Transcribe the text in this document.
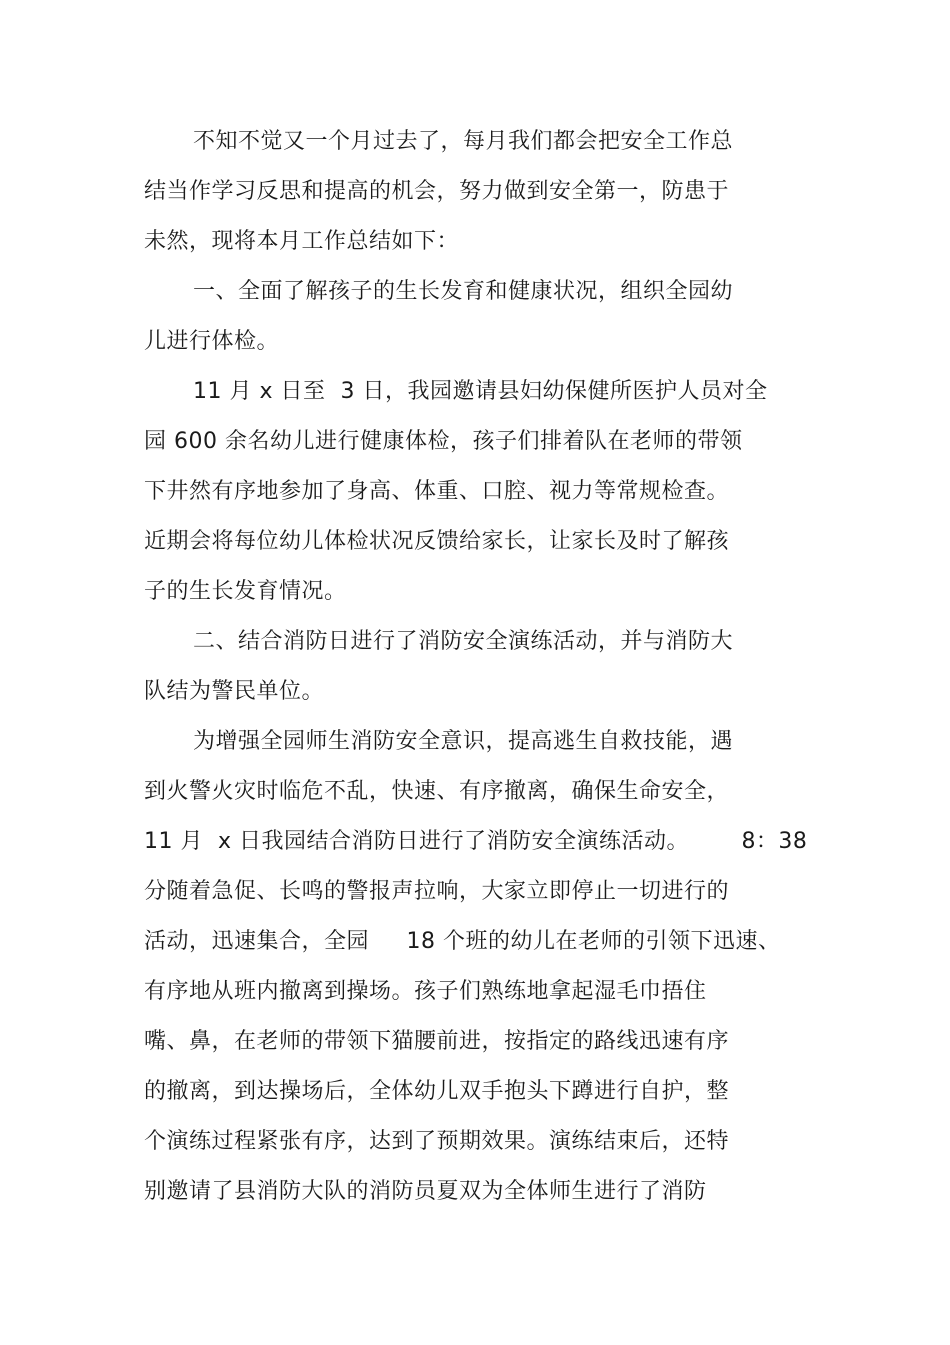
不知不觉又一个月过去了，每月我们都会把安全工作总
结当作学习反思和提高的机会，努力做到安全第一，防患于
未然，现将本月工作总结如下：
一、全面了解孩子的生长发育和健康状况，组织全园幼
儿进行体检。
11 月 x 日至  3 日，我园邀请县妇幼保健所医护人员对全
园 600 余名幼儿进行健康体检，孩子们排着队在老师的带领
下井然有序地参加了身高、体重、口腔、视力等常规检查。
近期会将每位幼儿体检状况反馈给家长，让家长及时了解孩
子的生长发育情况。
二、结合消防日进行了消防安全演练活动，并与消防大
队结为警民单位。
为增强全园师生消防安全意识，提高逃生自救技能，遇
到火警火灾时临危不乱，快速、有序撤离，确保生命安全，
11 月  x 日我园结合消防日进行了消防安全演练活动。       8：38
分随着急促、长鸣的警报声拉响，大家立即停止一切进行的
活动，迅速集合，全园     18 个班的幼儿在老师的引领下迅速、
有序地从班内撤离到操场。孩子们熟练地拿起湿毛巾捂住
嘴、鼻，在老师的带领下猫腰前进，按指定的路线迅速有序
的撤离，到达操场后，全体幼儿双手抱头下蹲进行自护，整
个演练过程紧张有序，达到了预期效果。演练结束后，还特
别邀请了县消防大队的消防员夏双为全体师生进行了消防
